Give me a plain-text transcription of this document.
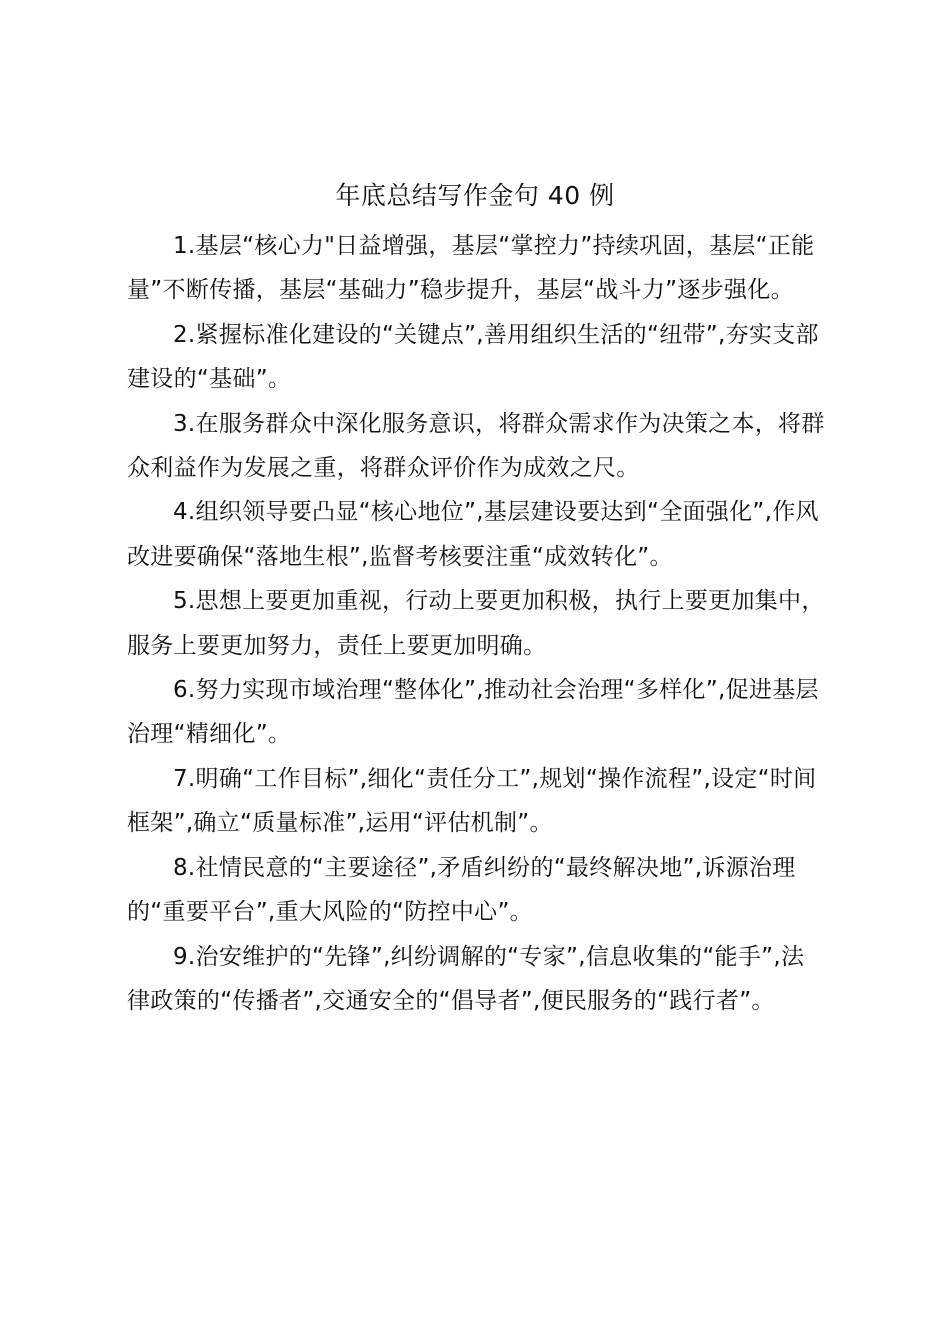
年底总结写作金句 40 例

1.基层“核心力"日益增强，基层“掌控力”持续巩固，基层“正能量”不断传播，基层“基础力”稳步提升，基层“战斗力”逐步强化。

2.紧握标准化建设的“关键点”,善用组织生活的“纽带”,夯实支部建设的“基础”。

3.在服务群众中深化服务意识，将群众需求作为决策之本，将群众利益作为发展之重，将群众评价作为成效之尺。

4.组织领导要凸显“核心地位”,基层建设要达到“全面强化”,作风改进要确保“落地生根”,监督考核要注重“成效转化”。

5.思想上要更加重视，行动上要更加积极，执行上要更加集中，服务上要更加努力，责任上要更加明确。

6.努力实现市域治理“整体化”,推动社会治理“多样化”,促进基层治理“精细化”。

7.明确“工作目标”,细化“责任分工”,规划“操作流程”,设定“时间框架”,确立“质量标准”,运用“评估机制”。

8.社情民意的“主要途径”,矛盾纠纷的“最终解决地”,诉源治理的“重要平台”,重大风险的“防控中心”。

9.治安维护的“先锋”,纠纷调解的“专家”,信息收集的“能手”,法律政策的“传播者”,交通安全的“倡导者”,便民服务的“践行者”。
